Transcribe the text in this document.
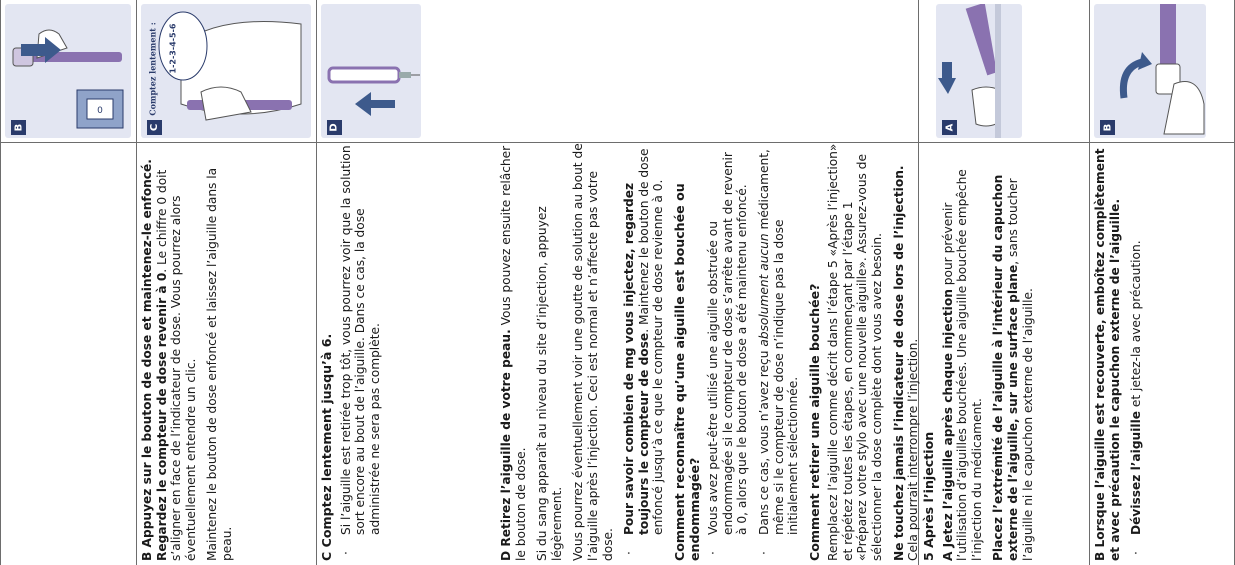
0
B
1-2-3-4-5-6
Comptez lentement :
C	D	A	B

B Appuyez sur le bouton de dose et maintenez-le enfoncé. Regardez le compteur de dose revenir à 0. Le chiffre 0 doit s’aligner en face de l’indicateur de dose. Vous pourrez alors éventuellement entendre un clic. Maintenez le bouton de dose enfoncé et laissez l’aiguille dans la peau.	C Comptez lentement jusqu’à 6. ·
Si l’aiguille est retirée trop tôt, vous pourrez voir que la solution sort encore au bout de l’aiguille. Dans ce cas, la dose administrée ne sera pas complète.	D Retirez l’aiguille de votre peau. Vous pouvez ensuite relâcher le bouton de dose. Si du sang apparaît au niveau du site d’injection, appuyez légèrement. Vous pourrez éventuellement voir une goutte de solution au bout de l’aiguille après l’injection. Ceci est normal et n’affecte pas votre dose. ·
Pour savoir combien de mg vous injectez, regardez toujours le compteur de dose. Maintenez le bouton de dose enfoncé jusqu’à ce que le compteur de dose revienne à 0. Comment reconnaître qu’une aiguille est bouchée ou endommagée? ·
Vous avez peut-être utilisé une aiguille obstruée ou endommagée si le compteur de dose s’arrête avant de revenir à 0, alors que le bouton de dose a été maintenu enfoncé.
·
Dans ce cas, vous n’avez reçu absolument aucun médicament, même si le compteur de dose n’indique pas la dose initialement sélectionnée. Comment retirer une aiguille bouchée? Remplacez l’aiguille comme décrit dans l’étape 5 «Après l’injection» et répétez toutes les étapes, en commençant par l’étape 1 «Préparez votre stylo avec une nouvelle aiguille». Assurez-vous de sélectionner la dose complète dont vous avez besoin. Ne touchez jamais l’indicateur de dose lors de l’injection.
Cela pourrait interrompre l’injection. 5 Après l’injection A Jetez l’aiguille après chaque injection pour prévenir l’utilisation d’aiguilles bouchées. Une aiguille bouchée empêche l’injection du médicament. Placez l’extrémité de l’aiguille à l’intérieur du capuchon externe de l’aiguille, sur une surface plane, sans toucher l’aiguille ni le capuchon externe de l’aiguille.	B Lorsque l’aiguille est recouverte, emboîtez complètement et avec précaution le capuchon externe de l’aiguille. ·
Dévissez l’aiguille et jetez-la avec précaution.
